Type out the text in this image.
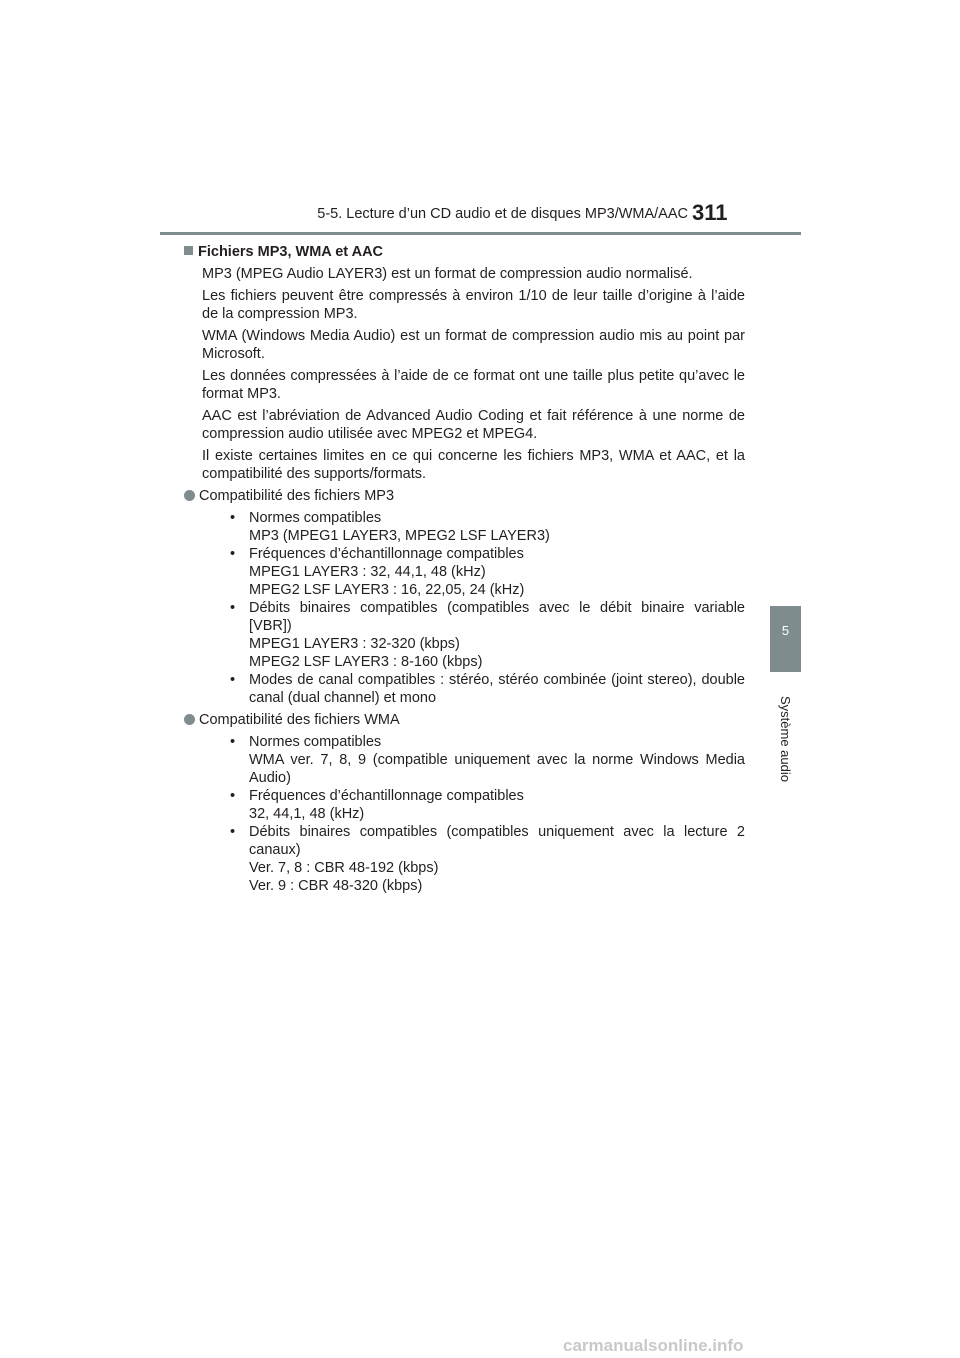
5-5. Lecture d’un CD audio et de disques MP3/WMA/AAC 311
5
Système audio
Fichiers MP3, WMA et AAC
MP3 (MPEG Audio LAYER3) est un format de compression audio normalisé.
Les fichiers peuvent être compressés à environ 1/10 de leur taille d’origine à l’aide de la compression MP3.
WMA (Windows Media Audio) est un format de compression audio mis au point par Microsoft.
Les données compressées à l’aide de ce format ont une taille plus petite qu’avec le format MP3.
AAC est l’abréviation de Advanced Audio Coding et fait référence à une norme de compression audio utilisée avec MPEG2 et MPEG4.
Il existe certaines limites en ce qui concerne les fichiers MP3, WMA et AAC, et la compatibilité des supports/formats.
Compatibilité des fichiers MP3
• Normes compatibles
MP3 (MPEG1 LAYER3, MPEG2 LSF LAYER3)
• Fréquences d’échantillonnage compatibles
MPEG1 LAYER3 : 32, 44,1, 48 (kHz)
MPEG2 LSF LAYER3 : 16, 22,05, 24 (kHz)
• Débits binaires compatibles (compatibles avec le débit binaire variable [VBR])
MPEG1 LAYER3 : 32-320 (kbps)
MPEG2 LSF LAYER3 : 8-160 (kbps)
• Modes de canal compatibles : stéréo, stéréo combinée (joint stereo), double canal (dual channel) et mono
Compatibilité des fichiers WMA
• Normes compatibles
WMA ver. 7, 8, 9 (compatible uniquement avec la norme Windows Media Audio)
• Fréquences d’échantillonnage compatibles
32, 44,1, 48 (kHz)
• Débits binaires compatibles (compatibles uniquement avec la lecture 2 canaux)
Ver. 7, 8 : CBR 48-192 (kbps)
Ver. 9 : CBR 48-320 (kbps)
carmanualsonline.info
